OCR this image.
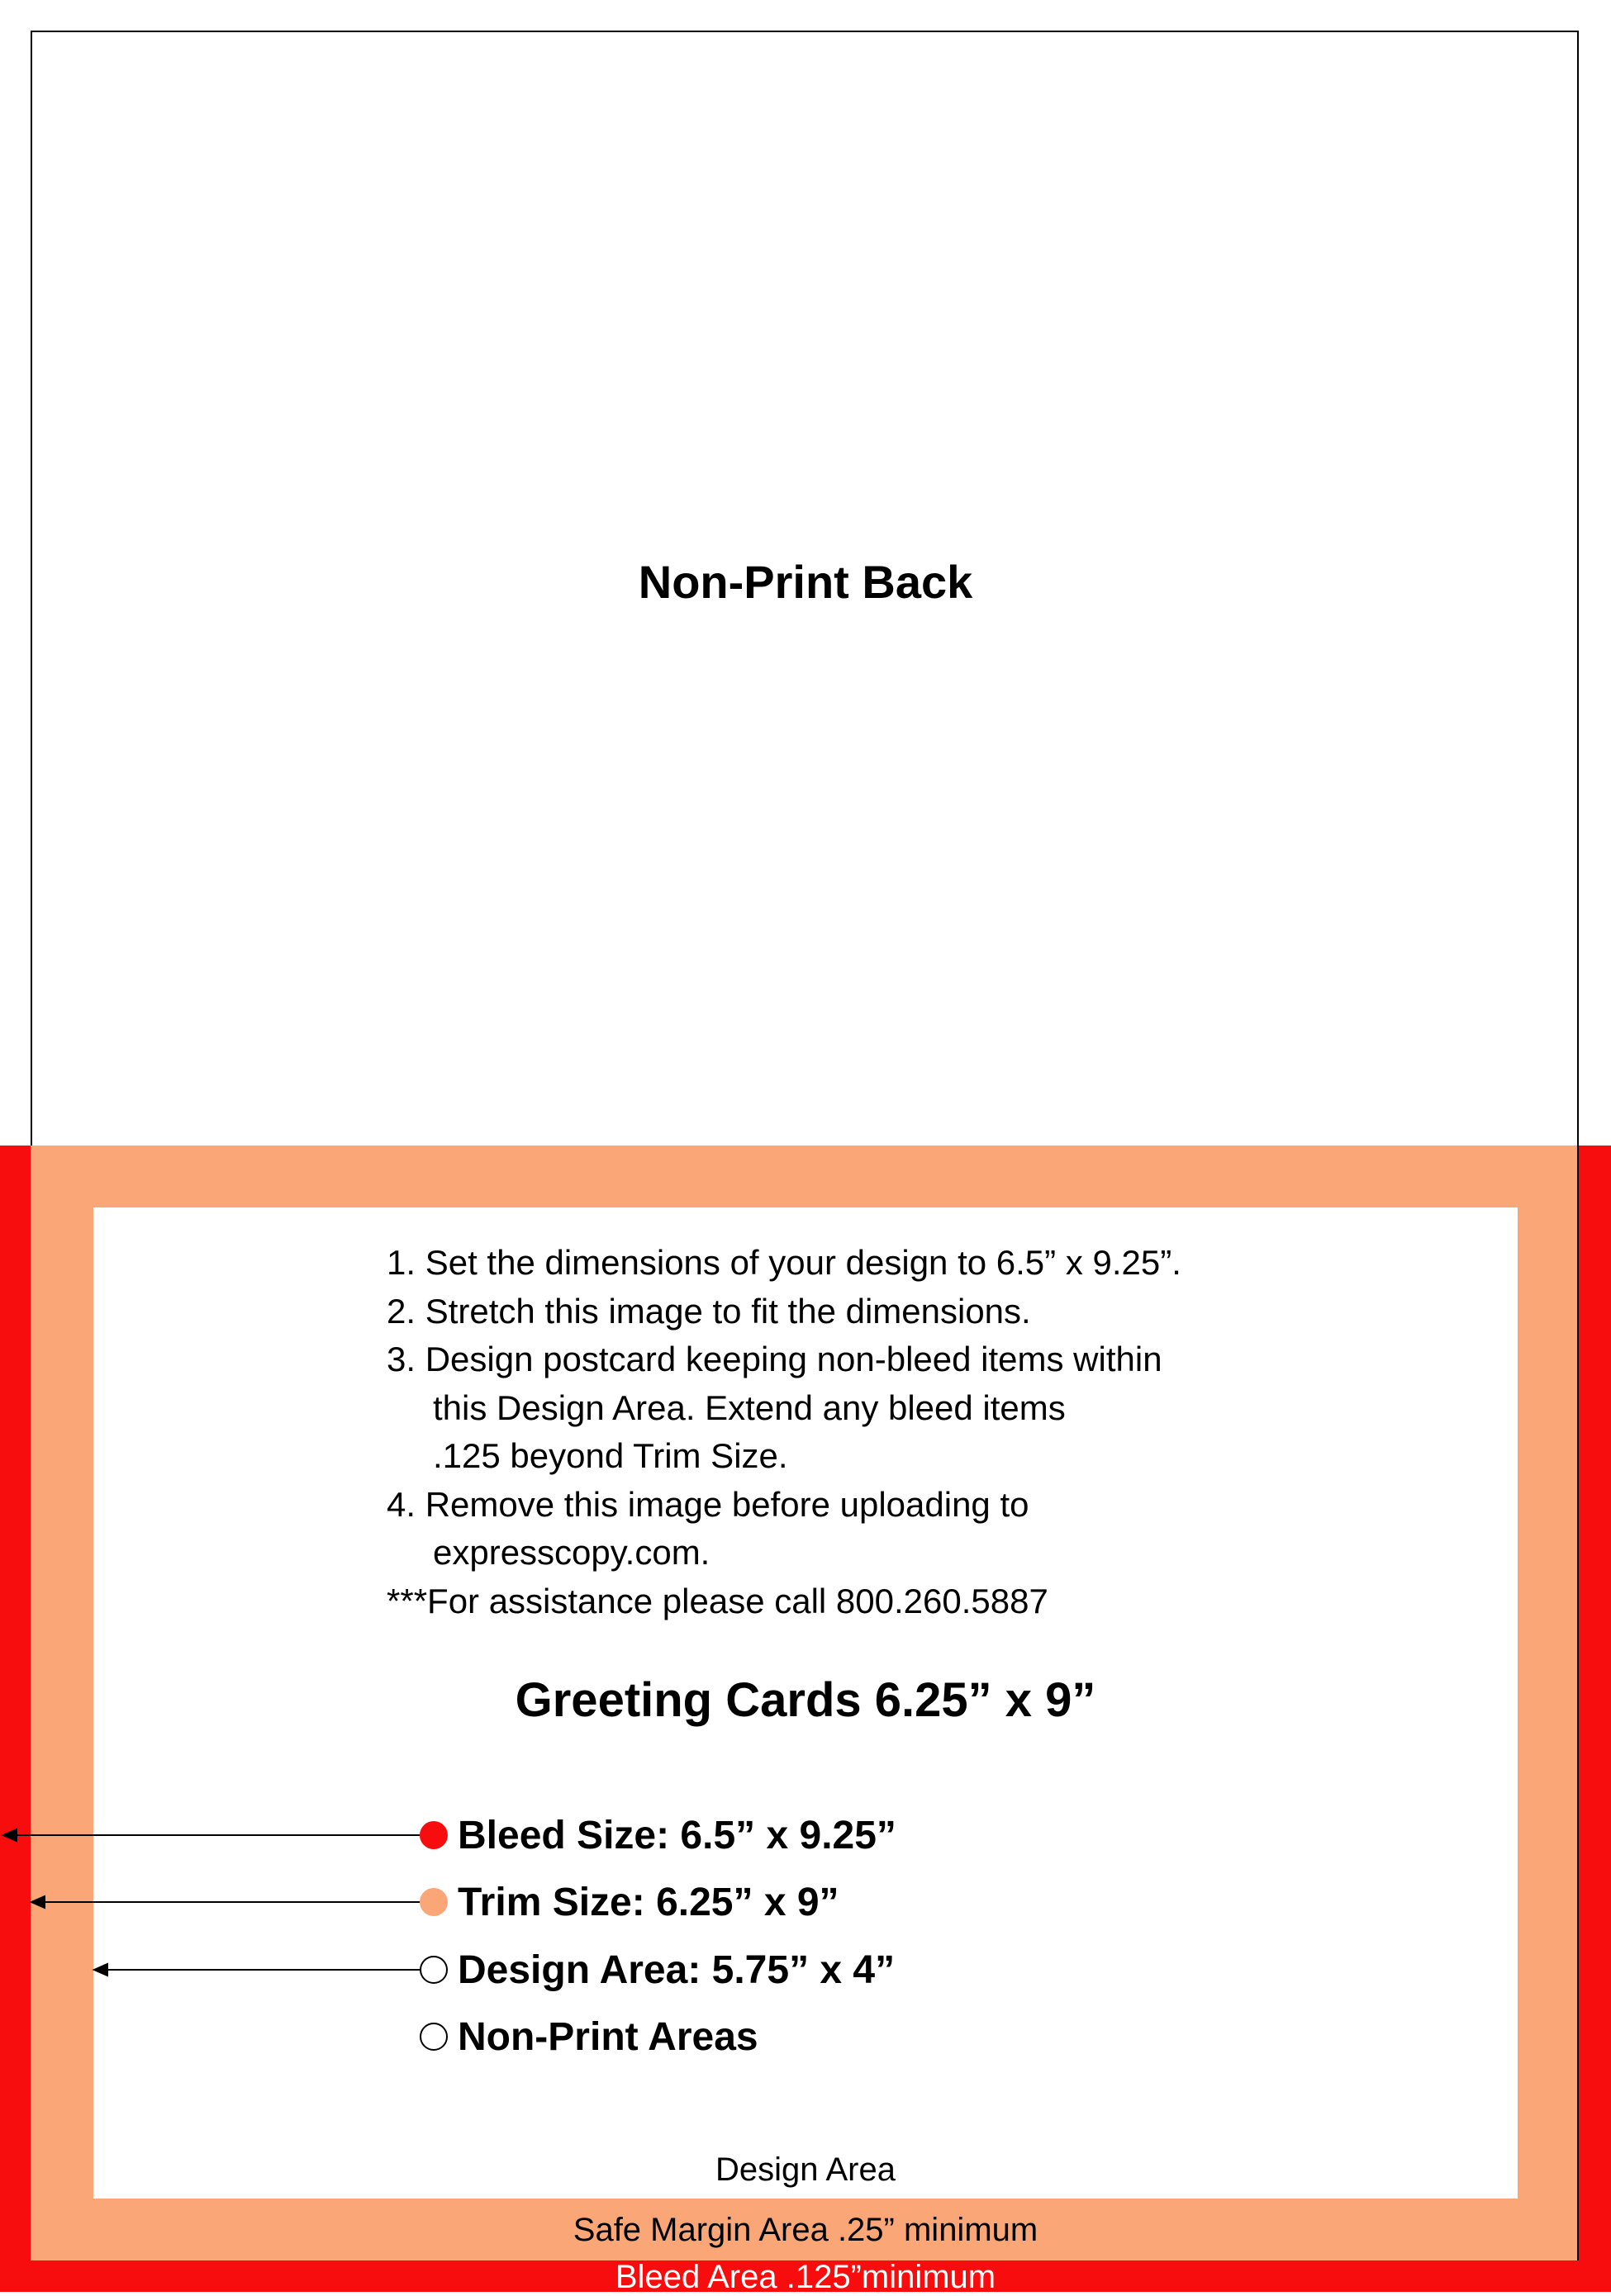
Non-Print Back
1. Set the dimensions of your design to 6.5” x 9.25”.
2. Stretch this image to fit the dimensions.
3. Design postcard keeping non-bleed items within
this Design Area. Extend any bleed items
.125 beyond Trim Size.
4. Remove this image before uploading to
expresscopy.com.
***For assistance please call 800.260.5887
Greeting Cards 6.25” x 9”
Bleed Size: 6.5” x 9.25”
Trim Size: 6.25” x 9”
Design Area: 5.75” x 4”
Non-Print Areas
Design Area
Safe Margin Area .25” minimum
Bleed Area .125”minimum
